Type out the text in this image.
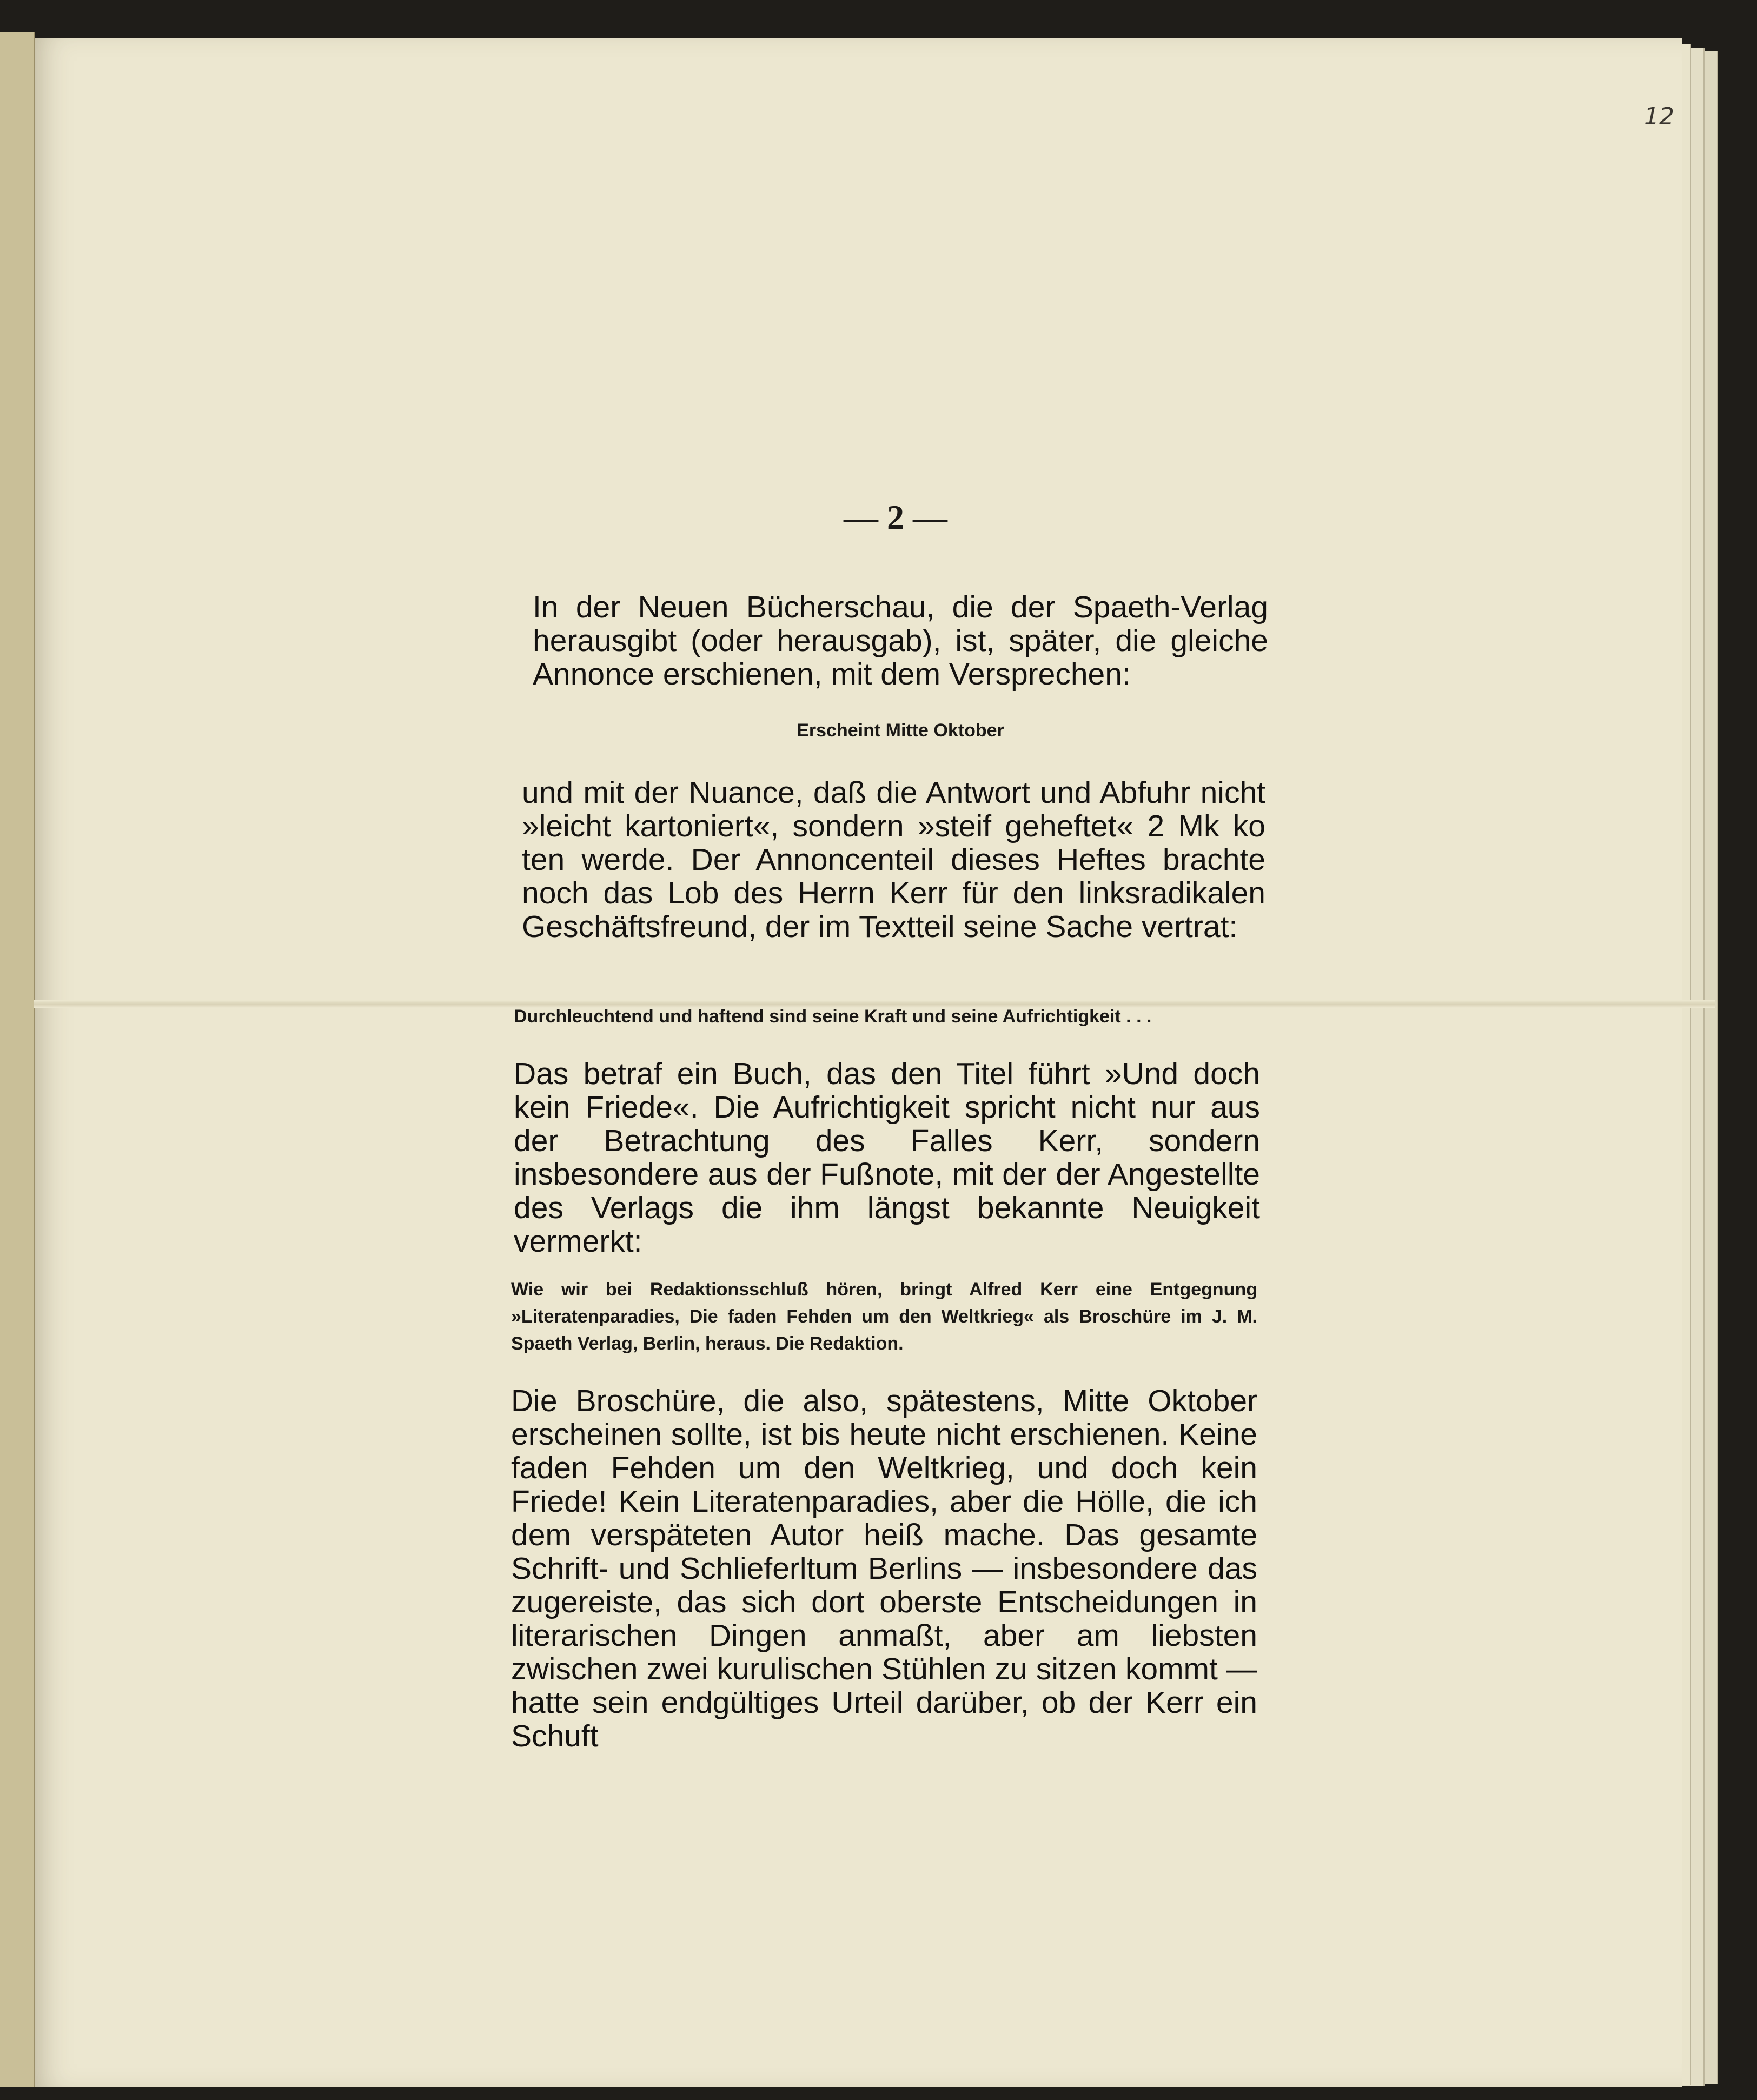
12
— 2 —

In der Neuen Bücherschau, die der Spaeth-Verlag herausgibt (oder herausgab), ist, später, die gleiche Annonce erschienen, mit dem Versprechen:

Erscheint Mitte Oktober

und mit der Nuance, daß die Antwort und Abfuhr nicht »leicht kartoniert«, sondern »steif geheftet« 2 Mk ko ten werde. Der Annoncenteil dieses Heftes brachte noch das Lob des Herrn Kerr für den linksradikalen Geschäftsfreund, der im Textteil seine Sache vertrat:

Durchleuchtend und haftend sind seine Kraft und seine Aufrichtigkeit . . .

Das betraf ein Buch, das den Titel führt »Und doch kein Friede«. Die Aufrichtigkeit spricht nicht nur aus der Betrachtung des Falles Kerr, sondern insbesondere aus der Fußnote, mit der der Angestellte des Verlags die ihm längst bekannte Neuigkeit vermerkt:

Wie wir bei Redaktionsschluß hören, bringt Alfred Kerr eine Entgegnung »Literatenparadies, Die faden Fehden um den Weltkrieg« als Broschüre im J. M. Spaeth Verlag, Berlin, heraus. Die Redaktion.

Die Broschüre, die also, spätestens, Mitte Oktober erscheinen sollte, ist bis heute nicht erschienen. Keine faden Fehden um den Weltkrieg, und doch kein Friede! Kein Literatenparadies, aber die Hölle, die ich dem verspäteten Autor heiß mache. Das gesamte Schrift- und Schlieferltum Berlins — insbesondere das zugereiste, das sich dort oberste Entscheidungen in literarischen Dingen anmaßt, aber am liebsten zwischen zwei kurulischen Stühlen zu sitzen kommt — hatte sein endgültiges Urteil darüber, ob der Kerr ein Schuft
